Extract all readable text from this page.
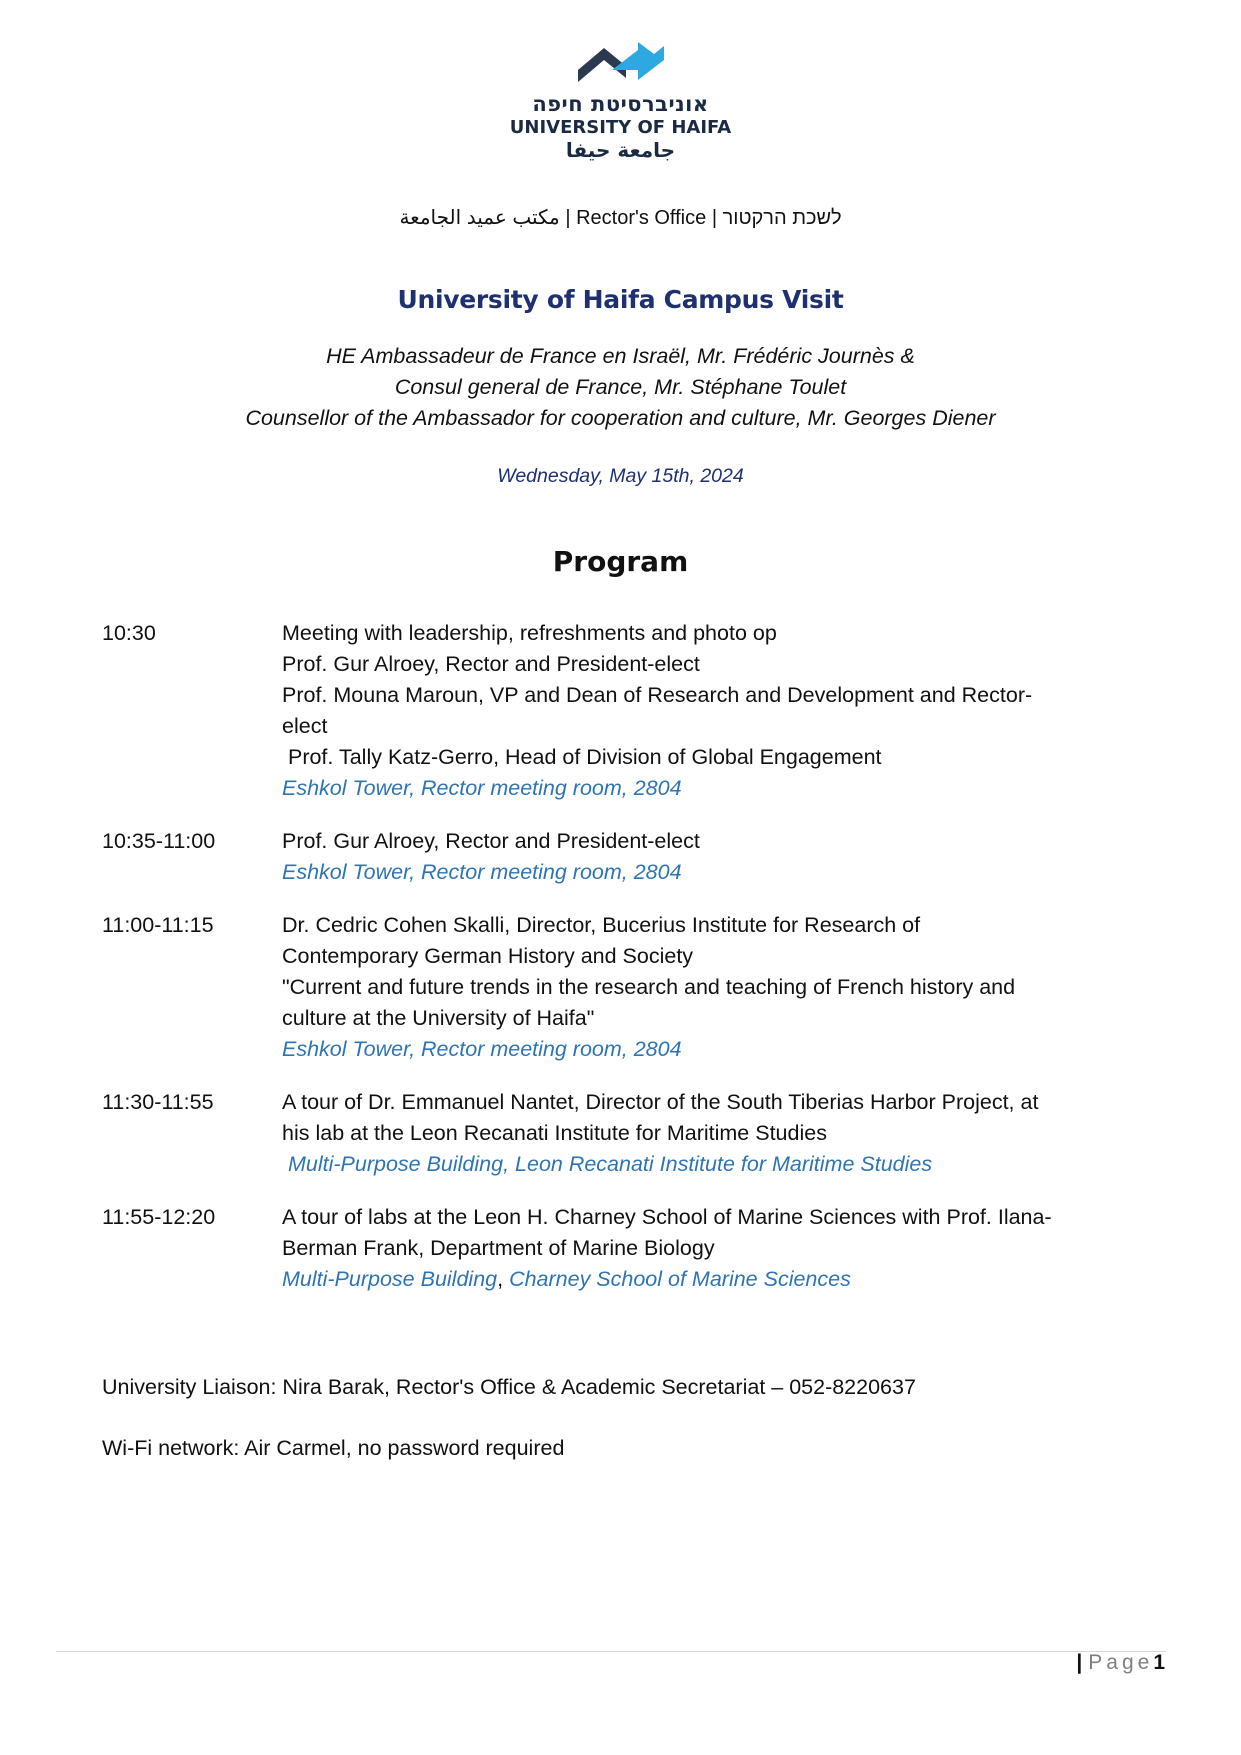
אוניברסיטת חיפה
UNIVERSITY OF HAIFA
جامعة حيفا
مكتب عميد الجامعة | Rector's Office | לשכת הרקטור
University of Haifa Campus Visit
HE Ambassadeur de France en Israël, Mr. Frédéric Journès &
Consul general de France, Mr. Stéphane Toulet
Counsellor of the Ambassador for cooperation and culture, Mr. Georges Diener
Wednesday, May 15th, 2024
Program
10:30	Meeting with leadership, refreshments and photo op
Prof. Gur Alroey, Rector and President-elect
Prof. Mouna Maroun, VP and Dean of Research and Development and Rector-
elect
Prof. Tally Katz-Gerro, Head of Division of Global Engagement
Eshkol Tower, Rector meeting room, 2804
10:35-11:00	Prof. Gur Alroey, Rector and President-elect
Eshkol Tower, Rector meeting room, 2804
11:00-11:15	Dr. Cedric Cohen Skalli, Director, Bucerius Institute for Research of
Contemporary German History and Society
"Current and future trends in the research and teaching of French history and
culture at the University of Haifa"
Eshkol Tower, Rector meeting room, 2804
11:30-11:55	A tour of Dr. Emmanuel Nantet, Director of the South Tiberias Harbor Project, at
his lab at the Leon Recanati Institute for Maritime Studies
Multi-Purpose Building, Leon Recanati Institute for Maritime Studies
11:55-12:20	A tour of labs at the Leon H. Charney School of Marine Sciences with Prof. Ilana-
Berman Frank, Department of Marine Biology
Multi-Purpose Building, Charney School of Marine Sciences
University Liaison: Nira Barak, Rector's Office & Academic Secretariat – 052-8220637
Wi-Fi network: Air Carmel, no password required
| Page1
